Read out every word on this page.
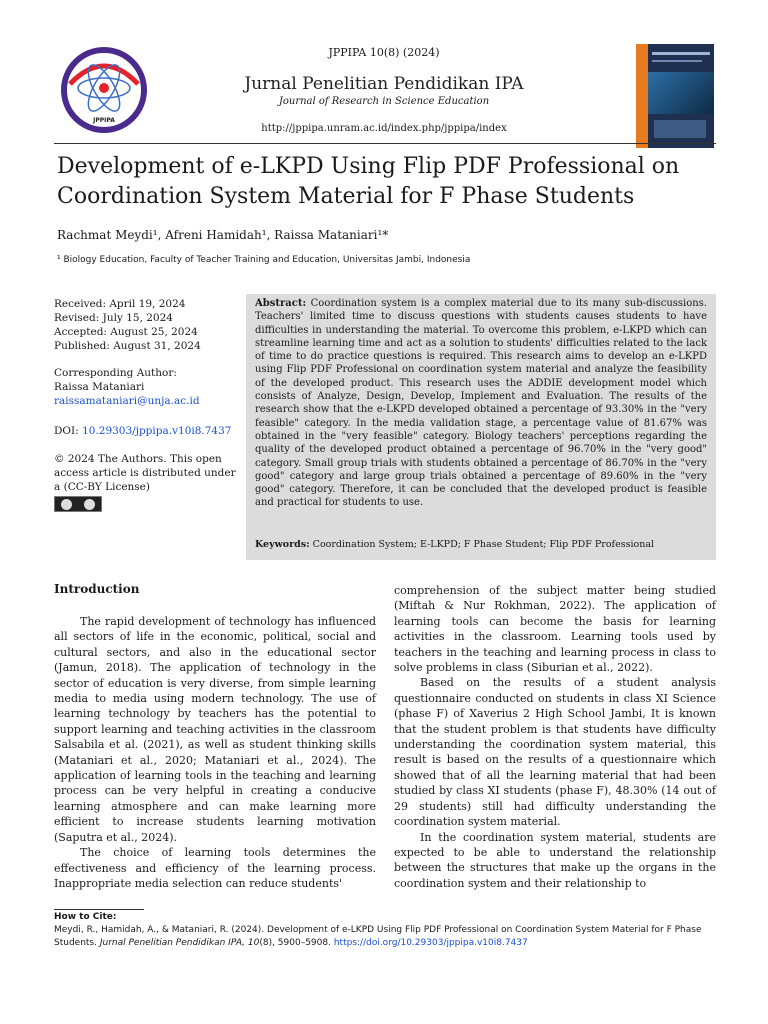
JPPIPA
JPPIPA 10(8) (2024)
Jurnal Penelitian Pendidikan IPA
Journal of Research in Science Education
http://jppipa.unram.ac.id/index.php/jppipa/index
Development of e-LKPD Using Flip PDF Professional on Coordination System Material for F Phase Students
Rachmat Meydi¹, Afreni Hamidah¹, Raissa Mataniari¹*
¹ Biology Education, Faculty of Teacher Training and Education, Universitas Jambi, Indonesia
Received: April 19, 2024
Revised: July 15, 2024
Accepted: August 25, 2024
Published: August 31, 2024
Corresponding Author:
Raissa Mataniari
raissamataniari@unja.ac.id
DOI: 10.29303/jppipa.v10i8.7437
© 2024 The Authors. This open access article is distributed under a (CC-BY License)
Abstract: Coordination system is a complex material due to its many sub-discussions. Teachers' limited time to discuss questions with students causes students to have difficulties in understanding the material. To overcome this problem, e-LKPD which can streamline learning time and act as a solution to students' difficulties related to the lack of time to do practice questions is required. This research aims to develop an e-LKPD using Flip PDF Professional on coordination system material and analyze the feasibility of the developed product. This research uses the ADDIE development model which consists of Analyze, Design, Develop, Implement and Evaluation. The results of the research show that the e-LKPD developed obtained a percentage of 93.30% in the "very feasible" category. In the media validation stage, a percentage value of 81.67% was obtained in the "very feasible" category. Biology teachers' perceptions regarding the quality of the developed product obtained a percentage of 96.70% in the "very good" category. Small group trials with students obtained a percentage of 86.70% in the "very good" category and large group trials obtained a percentage of 89.60% in the "very good" category. Therefore, it can be concluded that the developed product is feasible and practical for students to use.
Keywords: Coordination System; E-LKPD; F Phase Student; Flip PDF Professional
Introduction

The rapid development of technology has influenced all sectors of life in the economic, political, social and cultural sectors, and also in the educational sector (Jamun, 2018). The application of technology in the sector of education is very diverse, from simple learning media to media using modern technology. The use of learning technology by teachers has the potential to support learning and teaching activities in the classroom Salsabila et al. (2021), as well as student thinking skills (Mataniari et al., 2020; Mataniari et al., 2024). The application of learning tools in the teaching and learning process can be very helpful in creating a conducive learning atmosphere and can make learning more efficient to increase students learning motivation (Saputra et al., 2024).

The choice of learning tools determines the effectiveness and efficiency of the learning process. Inappropriate media selection can reduce students'

comprehension of the subject matter being studied (Miftah & Nur Rokhman, 2022). The application of learning tools can become the basis for learning activities in the classroom. Learning tools used by teachers in the teaching and learning process in class to solve problems in class (Siburian et al., 2022).

Based on the results of a student analysis questionnaire conducted on students in class XI Science (phase F) of Xaverius 2 High School Jambi, It is known that the student problem is that students have difficulty understanding the coordination system material, this result is based on the results of a questionnaire which showed that of all the learning material that had been studied by class XI students (phase F), 48.30% (14 out of 29 students) still had difficulty understanding the coordination system material.

In the coordination system material, students are expected to be able to understand the relationship between the structures that make up the organs in the coordination system and their relationship to

How to Cite:
Meydi, R., Hamidah, A., & Mataniari, R. (2024). Development of e-LKPD Using Flip PDF Professional on Coordination System Material for F Phase Students. Jurnal Penelitian Pendidikan IPA, 10(8), 5900–5908. https://doi.org/10.29303/jppipa.v10i8.7437
